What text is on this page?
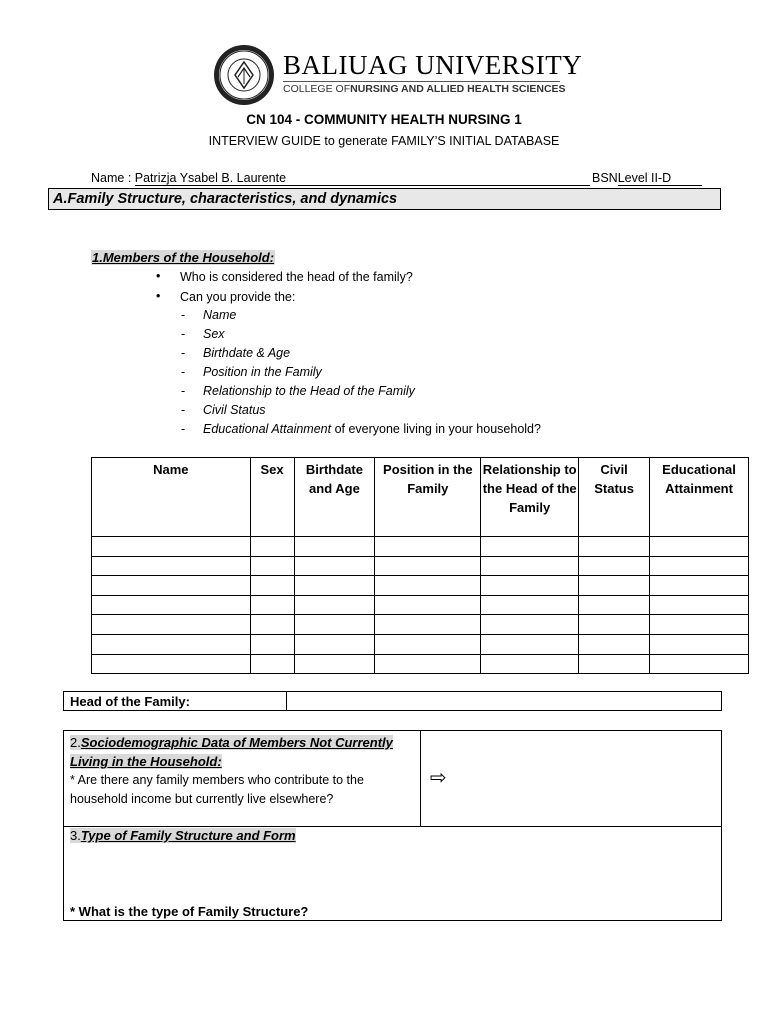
BALIUAG UNIVERSITY
COLLEGE OFNURSING AND ALLIED HEALTH SCIENCES
CN 104 - COMMUNITY HEALTH NURSING 1
INTERVIEW GUIDE to generate FAMILY’S INITIAL DATABASE
Name : Patrizja Ysabel B. Laurente	BSNLevel II-D
A.Family Structure, characteristics, and dynamics
1.Members of the Household:
• Who is considered the head of the family?
• Can you provide the:
- Name
- Sex
- Birthdate & Age
- Position in the Family
- Relationship to the Head of the Family
- Civil Status
- Educational Attainment of everyone living in your household?
Name	Sex	Birthdate and Age	Position in the Family	Relationship to the Head of the Family	Civil Status	Educational Attainment

Head of the Family:
2.Sociodemographic Data of Members Not Currently Living in the Household:
* Are there any family members who contribute to the household income but currently live elsewhere?
⇨
3.Type of Family Structure and Form
* What is the type of Family Structure?
